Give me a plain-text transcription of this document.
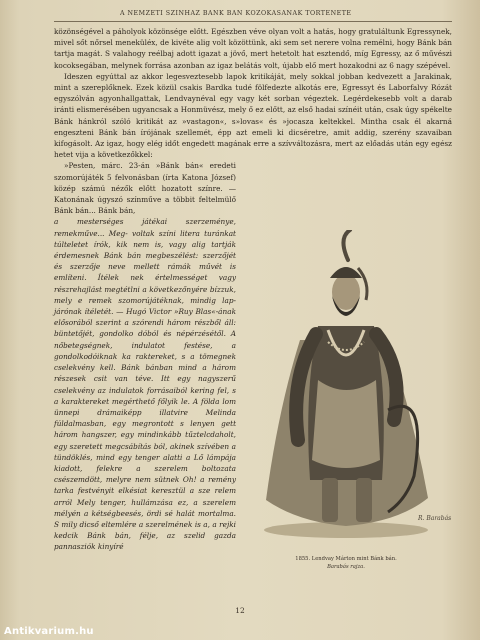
A NEMZETI SZÍNHÁZ BÁNK BÁN KÖZÖKASÁNAK TÖRTÉNETE

közönségével a páholyok közönsége előtt. Egészben véve olyan volt a hatás, hogy gratuláltunk Egressynek, mivel sőt nőrsel meneküléx, de kivéte alig volt közöttünk, aki sem set nerere volna remélni, hogy Bánk bán tartja magát. S valahogy reélbaj adott igazat a jövő, mert hetetolt hat esztendő, míg Egressy, az ő művészi kocoksegában, melynek forrása azonban az igaz belátás volt, újabb elő mert hozakodni az 6 nagy szépével.

Ideszen egyúttal az akkor legesveztesebb lapok kritikáját, mely sokkal jobban kedvezett a Jarakinak, mint a szereplőknek. Ezek közül csakis Bardka tudé fölfedezte alkotás ere, Egressyt és Laborfalvy Rózát egyszólván agyonhallgattak, Lendvaynéval egy vagy két sorban végeztek. Legérdekesebb volt a darab iránti elismerésében ugyancsak a Honmüvész, mely ő ez előtt, az első hadai színéit után, csak úgy spékelte Bánk hánkról szóló kritikát az »vastagon«, s»lovas« és »jocasza keltekkel. Mintha csak él akarná engeszteni Bánk bán írójának szellemét, épp azt emeli ki dicséretre, amit addig, szerény szavaiban kifogásolt. Az igaz, hogy elég időt engedett magának erre a szívváltozásra, mert az előadás után egy egész hetet vija a következőkkel:

»Pesten, márc. 23-án »Bánk bán« eredeti szomorújáték 5 felvonásban (írta Katona József) közép számú nézők előtt hozatott színre. — Katonának úgyszó színműve a többit feltelmülő Bánk bán... Bánk bán,

a mesterséges játékai szerzeménye, remekműve... Meg- voltak színi litera turánkat túlteletet írók, kik nem is, vagy alig tartják érdemesnek Bánk bán megbeszélést: szerzőjét és szerzője neve mellett rámák művét is említeni. Ítélek nek értelmességet vagy részrehajlást megtétlni a következőnyére bízzuk, mely e remek szomorújátéknak, mindig lap járónak ítéletét. — Hugó Victor »Ruy Blas«-ának elősorából szerint a szórendi három részből áll: büntetőjét, gondolko dóból és népérzésétől. A nőbetegségnek, indulatot festése, a gondolkodóiknak ka raktereket, s a tömegnek cselekvény kell. Bánk bánban mind a három részesek csit van téve. Itt egy nagyszerű cselekvény az indulatok forrásaiból kering fel, s a karaktereket megérthető főlyik le. A földa lom ünnepi drámaiképp illatvire Melinda fúldalmasban, egy megrontott s lenyen gett három hangszer, egy mindinkább tűztelcdaholt, egy szeretett megcsábítás ból, akinek szívében a tündöklés, mind egy tenger alatti a Lő lámpája kiadott, felekre a szerelem boltozata csészemdött, melyre nem sütnek Oh! a remény tarka festvényit elkésiat keresztül a sze relem arról Mely tenger, hullámzása ez, a szerelem mélyén a kétségbeesés, ördi sé halát mortalma. S mily dicső eltemlére a szerelmének is a, a rejki kedcik Bánk bán, félje, az szelid gazda pannasziók kinyíré

R. Barabás

1855. Lendvay Márton mint Bánk bán.
Barabás rajza.

12
Antikvarium.hu
